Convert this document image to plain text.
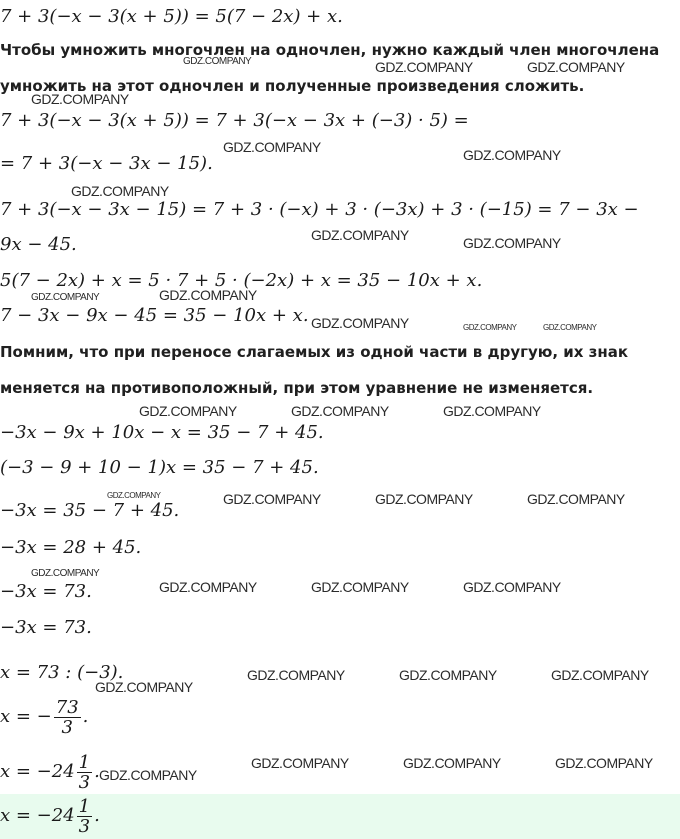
7 + 3(−x − 3(x + 5)) = 5(7 − 2x) + x.
Чтобы умножить многочлен на одночлен, нужно каждый член многочлена
умножить на этот одночлен и полученные произведения сложить.
7 + 3(−x − 3(x + 5)) = 7 + 3(−x − 3x + (−3) · 5) =
= 7 + 3(−x − 3x − 15).
7 + 3(−x − 3x − 15) = 7 + 3 · (−x) + 3 · (−3x) + 3 · (−15) = 7 − 3x −
9x − 45.
5(7 − 2x) + x = 5 · 7 + 5 · (−2x) + x = 35 − 10x + x.
7 − 3x − 9x − 45 = 35 − 10x + x.
Помним, что при переносе слагаемых из одной части в другую, их знак
меняется на противоположный, при этом уравнение не изменяется.
−3x − 9x + 10x − x = 35 − 7 + 45.
(−3 − 9 + 10 − 1)x = 35 − 7 + 45.
−3x = 35 − 7 + 45.
−3x = 28 + 45.
−3x = 73.
−3x = 73.
x = 73 : (−3).
x = − $\frac{73}{3}$ .
$x = -24 \frac{1}{3}$ .
$x = -24 \frac{1}{3}$ .
GDZ.COMPANY	GDZ.COMPANY	GDZ.COMPANY
GDZ.COMPANY
GDZ.COMPANY	GDZ.COMPANY
GDZ.COMPANY
GDZ.COMPANY	GDZ.COMPANY
GDZ.COMPANY	GDZ.COMPANY
GDZ.COMPANY	GDZ.COMPANY	GDZ.COMPANY
GDZ.COMPANY	GDZ.COMPANY	GDZ.COMPANY
GDZ.COMPANY	GDZ.COMPANY	GDZ.COMPANY	GDZ.COMPANY
GDZ.COMPANY
GDZ.COMPANY	GDZ.COMPANY	GDZ.COMPANY
GDZ.COMPANY	GDZ.COMPANY	GDZ.COMPANY
GDZ.COMPANY
GDZ.COMPANY	GDZ.COMPANY	GDZ.COMPANY
GDZ.COMPANY
